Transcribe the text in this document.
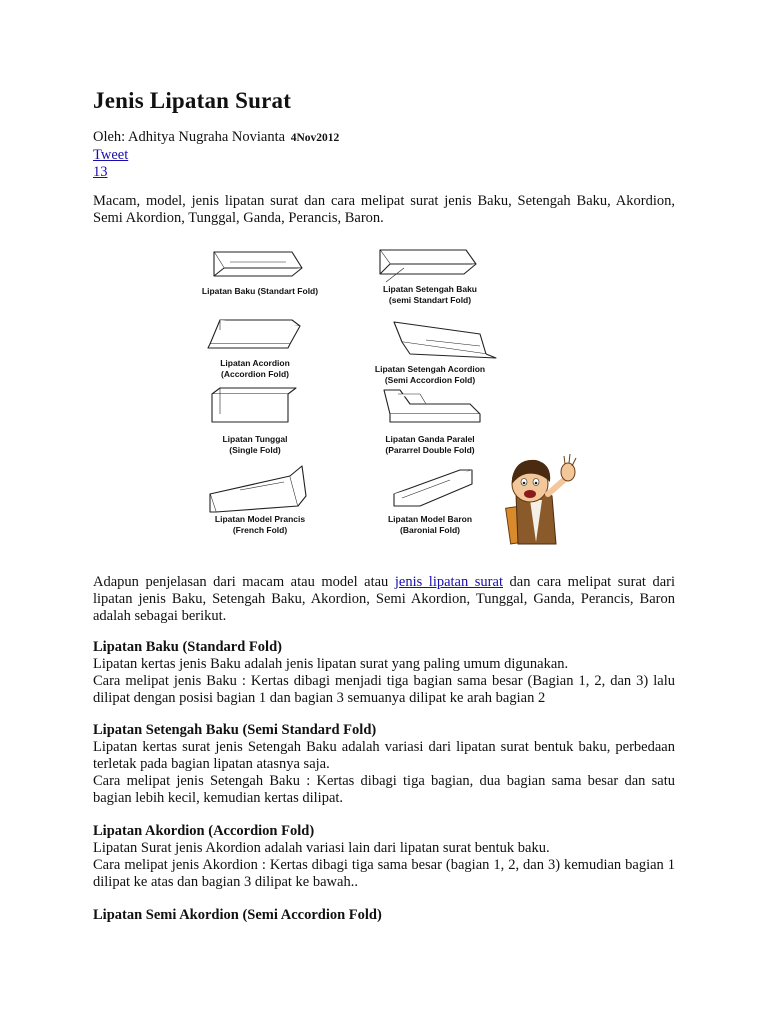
Jenis Lipatan Surat
Oleh: Adhitya Nugraha Novianta 4Nov2012
Tweet
13

Macam, model, jenis lipatan surat dan cara melipat surat jenis Baku, Setengah Baku, Akordion, Semi Akordion, Tunggal, Ganda, Perancis, Baron.

Lipatan Baku (Standart Fold)	Lipatan Setengah Baku
(semi Standart Fold)
Lipatan Acordion
(Accordion Fold)	Lipatan Setengah Acordion
(Semi Accordion Fold)
Lipatan Tunggal
(Single Fold)
Lipatan Ganda Paralel
(Pararrel Double Fold)
Lipatan Model Prancis
(French Fold)
Lipatan Model Baron
(Baronial Fold)

Adapun penjelasan dari macam atau model atau jenis lipatan surat dan cara melipat surat dari lipatan jenis Baku, Setengah Baku, Akordion, Semi Akordion, Tunggal, Ganda, Perancis, Baron adalah sebagai berikut.

Lipatan Baku (Standard Fold)

Lipatan kertas jenis Baku adalah jenis lipatan surat yang paling umum digunakan.

Cara melipat jenis Baku : Kertas dibagi menjadi tiga bagian sama besar (Bagian 1, 2, dan 3) lalu dilipat dengan posisi bagian 1 dan bagian 3 semuanya dilipat ke arah bagian 2

Lipatan Setengah Baku (Semi Standard Fold)

Lipatan kertas surat jenis Setengah Baku adalah variasi dari lipatan surat bentuk baku, perbedaan terletak pada bagian lipatan atasnya saja.

Cara melipat jenis Setengah Baku : Kertas dibagi tiga bagian, dua bagian sama besar dan satu bagian lebih kecil, kemudian kertas dilipat.

Lipatan Akordion (Accordion Fold)

Lipatan Surat jenis Akordion adalah variasi lain dari lipatan surat bentuk baku.

Cara melipat jenis Akordion : Kertas dibagi tiga sama besar (bagian 1, 2, dan 3) kemudian bagian 1 dilipat ke atas dan bagian 3 dilipat ke bawah..

Lipatan Semi Akordion (Semi Accordion Fold)
